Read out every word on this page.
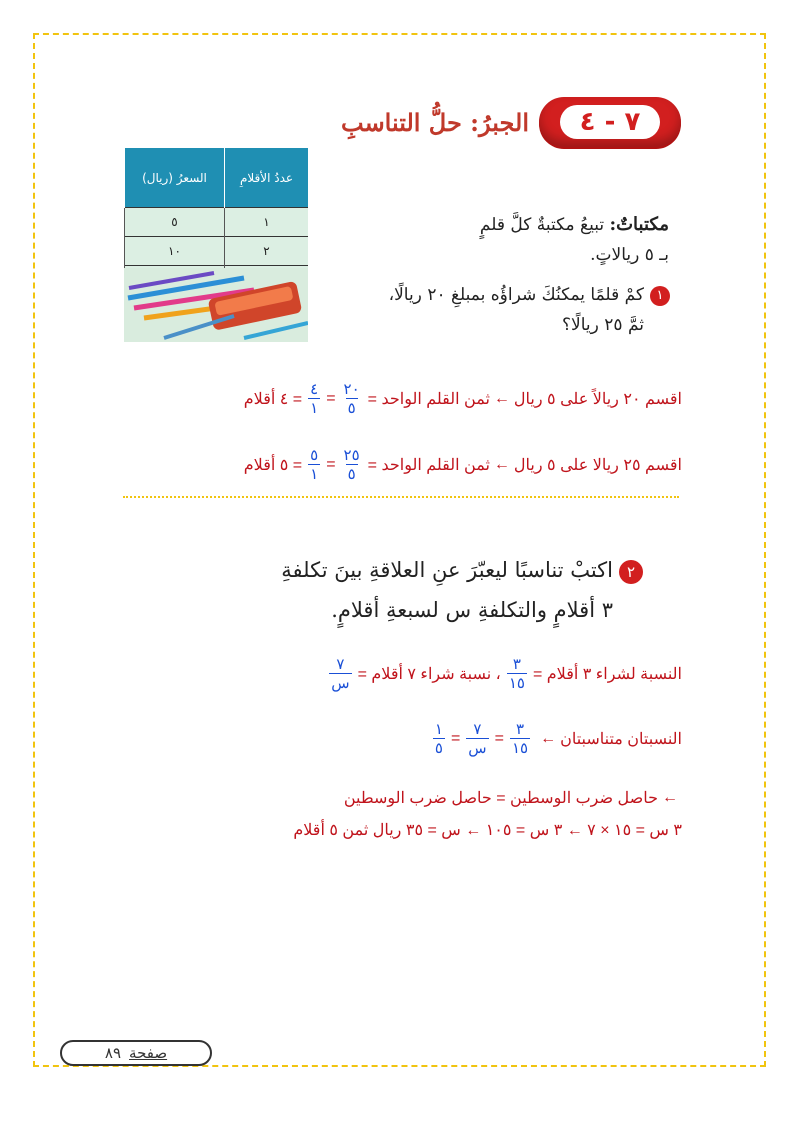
الجبرُ: حلُّ التناسبِ	٧ - ٤
عددُ الأقلامِ	السعرُ (ريال)
١	٥
٢	١٠

مكتباتٌ: تبيعُ مكتبةٌ كلَّ قلمٍ
بـ ٥ ريالاتٍ.
١كمْ قلمًا يمكنُكَ شراؤُه بمبلغِ ٢٠ ريالًا،
ثمَّ ٢٥ ريالًا؟
اقسم ٢٠ ريالاً على ٥ ريال
←
ثمن القلم الواحد =
$\frac{٢٠}{٥}$
=
$\frac{٤}{١}$
= ٤ أقلام
اقسم ٢٥ ريالا على ٥ ريال
←
ثمن القلم الواحد =
$\frac{٢٥}{٥}$
=
$\frac{٥}{١}$
= ٥ أقلام
٢اكتبْ تناسبًا ليعبّرَ عنِ العلاقةِ بينَ تكلفةِ
٣ أقلامٍ والتكلفةِ س لسبعةِ أقلامٍ.
النسبة لشراء ٣ أقلام =
$\frac{٣}{١٥}$
، نسبة شراء ٧ أقلام =
$\frac{٧}{\text{س}}$
النسبتان متناسبتان
←
$\frac{٣}{١٥}$
=
$\frac{٧}{\text{س}}$
=
$\frac{١}{٥}$
←
حاصل ضرب الوسطين = حاصل ضرب الوسطين
٣ س = ١٥ × ٧ ← ٣ س = ١٠٥ ← س = ٣٥ ريال ثمن ٥ أقلام
صفحة
٨٩
